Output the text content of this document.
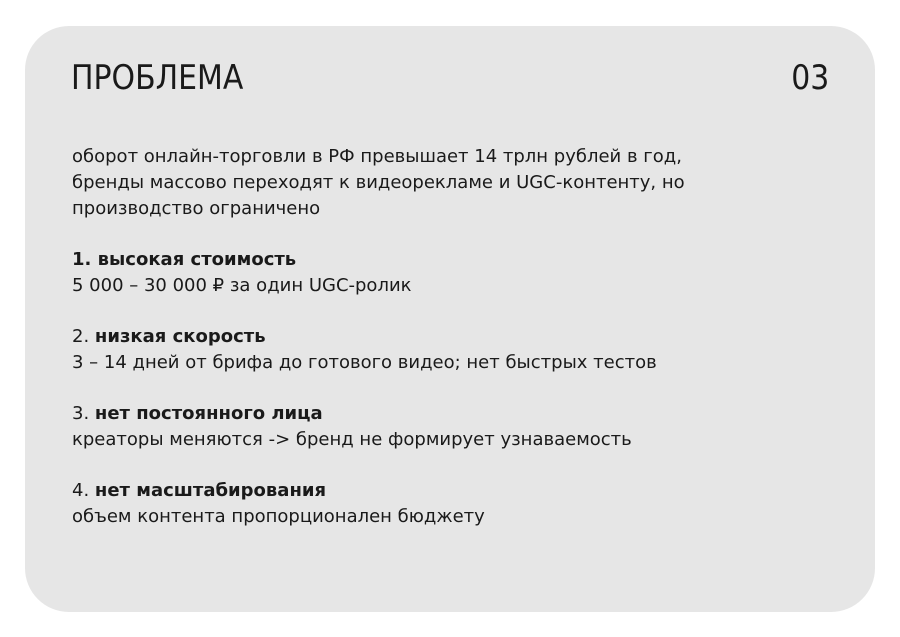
ПРОБЛЕМА	03

оборот онлайн-торговли в РФ превышает 14 трлн рублей в год,
бренды массово переходят к видеорекламе и UGC-контенту, но
производство ограничено

1. высокая стоимость
5 000 – 30 000 ₽ за один UGC-ролик
2. низкая скорость
3 – 14 дней от брифа до готового видео; нет быстрых тестов
3. нет постоянного лица
креаторы меняются -> бренд не формирует узнаваемость
4. нет масштабирования
объем контента пропорционален бюджету
